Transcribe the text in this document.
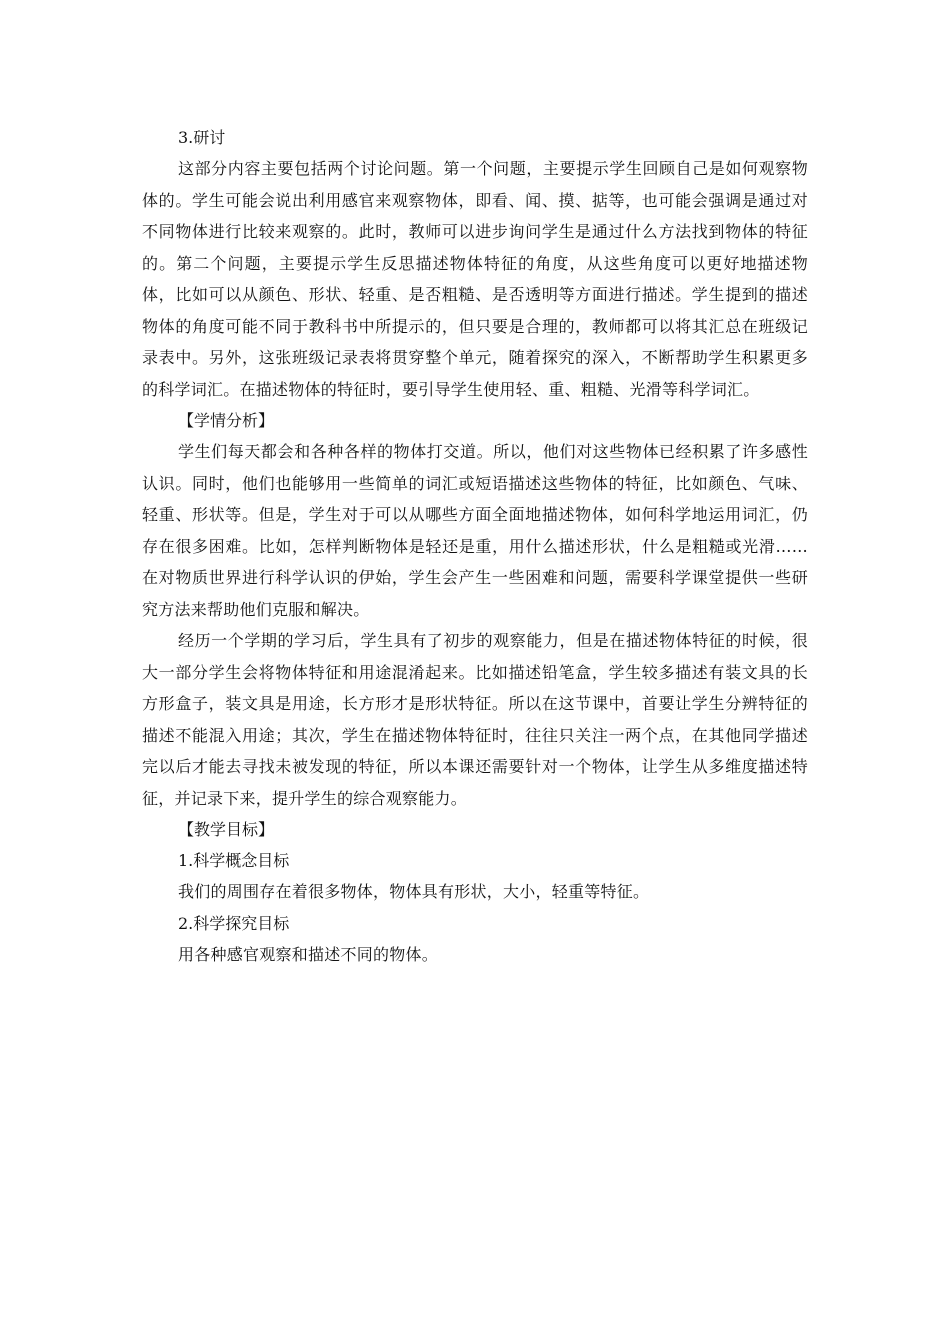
3.研讨

这部分内容主要包括两个讨论问题。第一个问题，主要提示学生回顾自己是如何观察物体的。学生可能会说出利用感官来观察物体，即看、闻、摸、掂等，也可能会强调是通过对不同物体进行比较来观察的。此时，教师可以进步询问学生是通过什么方法找到物体的特征的。第二个问题，主要提示学生反思描述物体特征的角度，从这些角度可以更好地描述物体，比如可以从颜色、形状、轻重、是否粗糙、是否透明等方面进行描述。学生提到的描述物体的角度可能不同于教科书中所提示的，但只要是合理的，教师都可以将其汇总在班级记录表中。另外，这张班级记录表将贯穿整个单元，随着探究的深入，不断帮助学生积累更多的科学词汇。在描述物体的特征时，要引导学生使用轻、重、粗糙、光滑等科学词汇。

【学情分析】

学生们每天都会和各种各样的物体打交道。所以，他们对这些物体已经积累了许多感性认识。同时，他们也能够用一些简单的词汇或短语描述这些物体的特征，比如颜色、气味、轻重、形状等。但是，学生对于可以从哪些方面全面地描述物体，如何科学地运用词汇，仍存在很多困难。比如，怎样判断物体是轻还是重，用什么描述形状，什么是粗糙或光滑……在对物质世界进行科学认识的伊始，学生会产生一些困难和问题，需要科学课堂提供一些研究方法来帮助他们克服和解决。

经历一个学期的学习后，学生具有了初步的观察能力，但是在描述物体特征的时候，很大一部分学生会将物体特征和用途混淆起来。比如描述铅笔盒，学生较多描述有装文具的长方形盒子，装文具是用途，长方形才是形状特征。所以在这节课中，首要让学生分辨特征的描述不能混入用途；其次，学生在描述物体特征时，往往只关注一两个点，在其他同学描述完以后才能去寻找未被发现的特征，所以本课还需要针对一个物体，让学生从多维度描述特征，并记录下来，提升学生的综合观察能力。

【教学目标】

1.科学概念目标

我们的周围存在着很多物体，物体具有形状，大小，轻重等特征。

2.科学探究目标

用各种感官观察和描述不同的物体。
